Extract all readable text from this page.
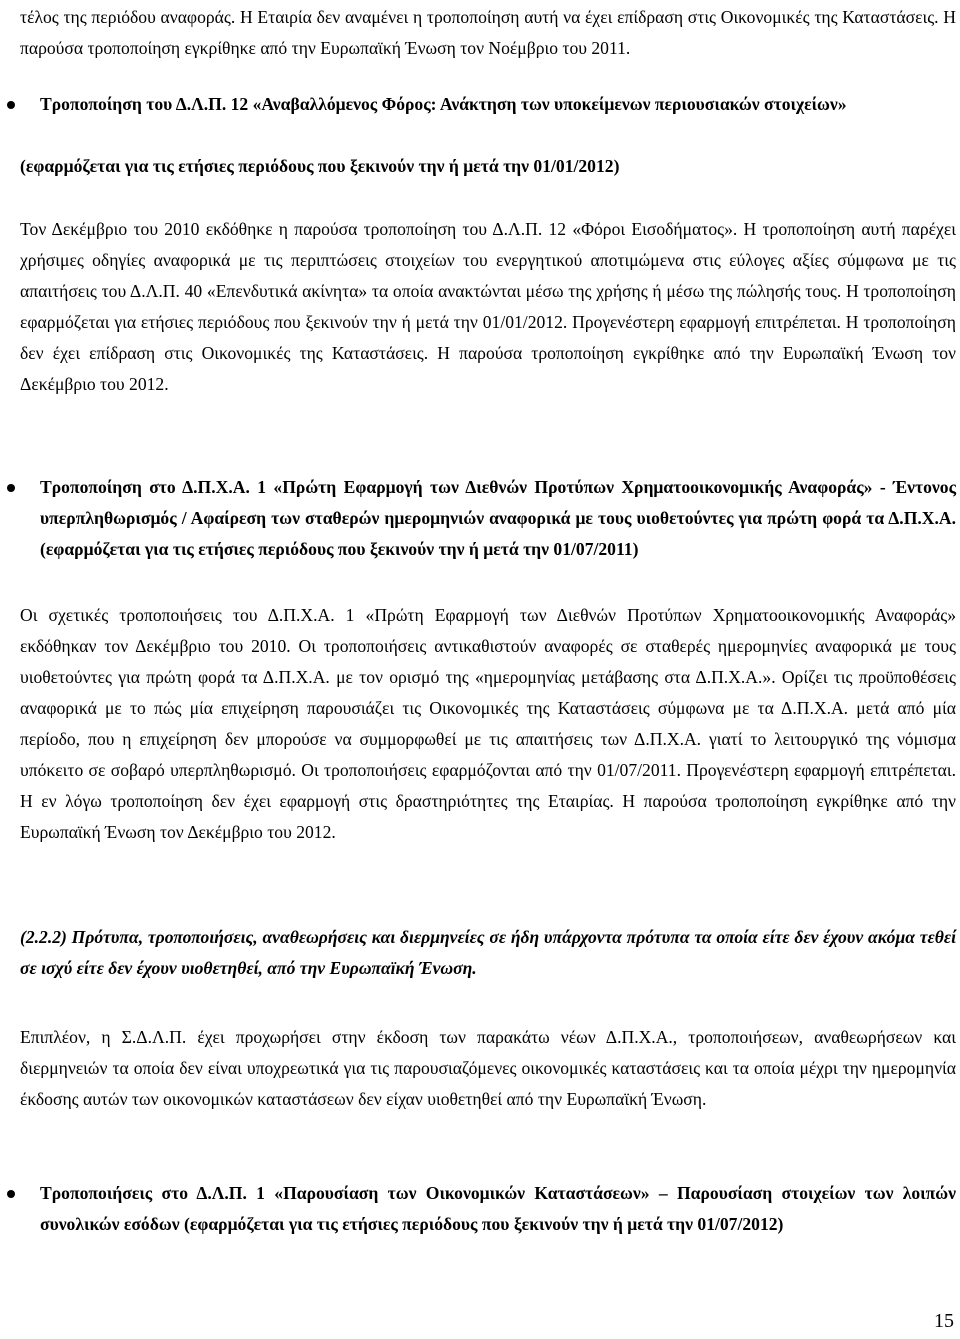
τέλος της περιόδου αναφοράς. Η Εταιρία δεν αναμένει η τροποποίηση αυτή να έχει επίδραση στις Οικονομικές της Καταστάσεις. Η παρούσα τροποποίηση εγκρίθηκε από την Ευρωπαϊκή Ένωση τον Νοέμβριο του 2011.
Τροποποίηση του Δ.Λ.Π. 12 «Αναβαλλόμενος Φόρος: Ανάκτηση των υποκείμενων περιουσιακών στοιχείων»
(εφαρμόζεται για τις ετήσιες περιόδους που ξεκινούν την ή μετά την 01/01/2012)
Τον Δεκέμβριο του 2010 εκδόθηκε η παρούσα τροποποίηση του Δ.Λ.Π. 12 «Φόροι Εισοδήματος». Η τροποποίηση αυτή παρέχει χρήσιμες οδηγίες αναφορικά με τις περιπτώσεις στοιχείων του ενεργητικού αποτιμώμενα στις εύλογες αξίες σύμφωνα με τις απαιτήσεις του Δ.Λ.Π. 40 «Επενδυτικά ακίνητα» τα οποία ανακτώνται μέσω της χρήσης ή μέσω της πώλησής τους. Η τροποποίηση εφαρμόζεται για ετήσιες περιόδους που ξεκινούν την ή μετά την 01/01/2012. Προγενέστερη εφαρμογή επιτρέπεται. Η τροποποίηση δεν έχει επίδραση στις Οικονομικές της Καταστάσεις. Η παρούσα τροποποίηση εγκρίθηκε από την Ευρωπαϊκή Ένωση τον Δεκέμβριο του 2012.
Τροποποίηση στο Δ.Π.Χ.Α. 1 «Πρώτη Εφαρμογή των Διεθνών Προτύπων Χρηματοοικονομικής Αναφοράς» - Έντονος υπερπληθωρισμός / Αφαίρεση των σταθερών ημερομηνιών αναφορικά με τους υιοθετούντες για πρώτη φορά τα Δ.Π.Χ.Α. (εφαρμόζεται για τις ετήσιες περιόδους που ξεκινούν την ή μετά την 01/07/2011)
Οι σχετικές τροποποιήσεις του Δ.Π.Χ.Α. 1 «Πρώτη Εφαρμογή των Διεθνών Προτύπων Χρηματοοικονομικής Αναφοράς» εκδόθηκαν τον Δεκέμβριο του 2010. Οι τροποποιήσεις αντικαθιστούν αναφορές σε σταθερές ημερομηνίες αναφορικά με τους υιοθετούντες για πρώτη φορά τα Δ.Π.Χ.Α. με τον ορισμό της «ημερομηνίας μετάβασης στα Δ.Π.Χ.Α.». Ορίζει τις προϋποθέσεις αναφορικά με το πώς μία επιχείρηση παρουσιάζει τις Οικονομικές της Καταστάσεις σύμφωνα με τα Δ.Π.Χ.Α. μετά από μία περίοδο, που η επιχείρηση δεν μπορούσε να συμμορφωθεί με τις απαιτήσεις των Δ.Π.Χ.Α. γιατί το λειτουργικό της νόμισμα υπόκειτο σε σοβαρό υπερπληθωρισμό. Οι τροποποιήσεις εφαρμόζονται από την 01/07/2011. Προγενέστερη εφαρμογή επιτρέπεται. Η εν λόγω τροποποίηση δεν έχει εφαρμογή στις δραστηριότητες της Εταιρίας. Η παρούσα τροποποίηση εγκρίθηκε από την Ευρωπαϊκή Ένωση τον Δεκέμβριο του 2012.
(2.2.2) Πρότυπα, τροποποιήσεις, αναθεωρήσεις και διερμηνείες σε ήδη υπάρχοντα πρότυπα τα οποία είτε δεν έχουν ακόμα τεθεί σε ισχύ είτε δεν έχουν υιοθετηθεί, από την Ευρωπαϊκή Ένωση.
Επιπλέον, η Σ.Δ.Λ.Π. έχει προχωρήσει στην έκδοση των παρακάτω νέων Δ.Π.Χ.Α., τροποποιήσεων, αναθεωρήσεων και διερμηνειών τα οποία δεν είναι υποχρεωτικά για τις παρουσιαζόμενες οικονομικές καταστάσεις και τα οποία μέχρι την ημερομηνία έκδοσης αυτών των οικονομικών καταστάσεων δεν είχαν υιοθετηθεί από την Ευρωπαϊκή Ένωση.
Τροποποιήσεις στο Δ.Λ.Π. 1 «Παρουσίαση των Οικονομικών Καταστάσεων» – Παρουσίαση στοιχείων των λοιπών συνολικών εσόδων (εφαρμόζεται για τις ετήσιες περιόδους που ξεκινούν την ή μετά την 01/07/2012)
15
